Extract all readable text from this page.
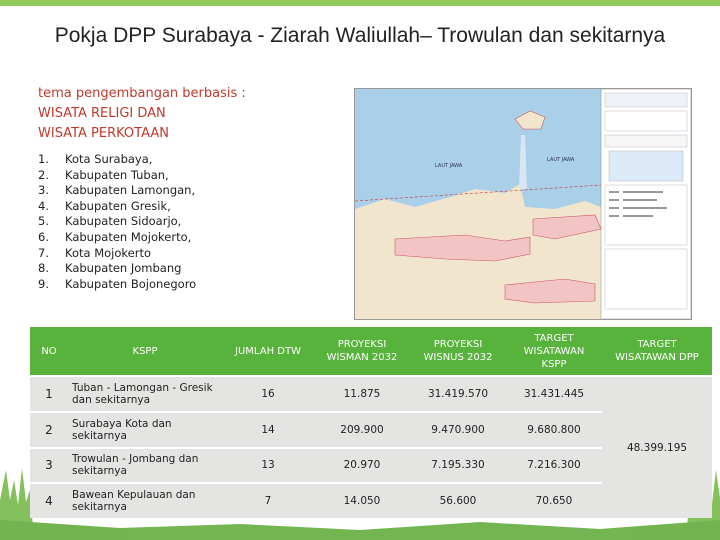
Pokja DPP Surabaya - Ziarah Waliullah– Trowulan dan sekitarnya
tema pengembangan berbasis :
WISATA RELIGI DAN
WISATA PERKOTAAN
1.	Kota Surabaya,
2.	Kabupaten Tuban,
3.	Kabupaten Lamongan,
4.	Kabupaten Gresik,
5.	Kabupaten Sidoarjo,
6.	Kabupaten Mojokerto,
7.	Kota Mojokerto
8.	Kabupaten Jombang
9.	Kabupaten Bojonegoro
LAUT JAWA
LAUT JAWA
NO	KSPP	JUMLAH DTW	PROYEKSI WISMAN 2032	PROYEKSI WISNUS 2032	TARGET WISATAWAN KSPP	TARGET WISATAWAN DPP
1	Tuban - Lamongan - Gresik dan sekitarnya	16	11.875	31.419.570	31.431.445	48.399.195
2	Surabaya Kota dan sekitarnya	14	209.900	9.470.900	9.680.800	
3	Trowulan - Jombang dan sekitarnya	13	20.970	7.195.330	7.216.300	
4	Bawean Kepulauan dan sekitarnya	7	14.050	56.600	70.650	
